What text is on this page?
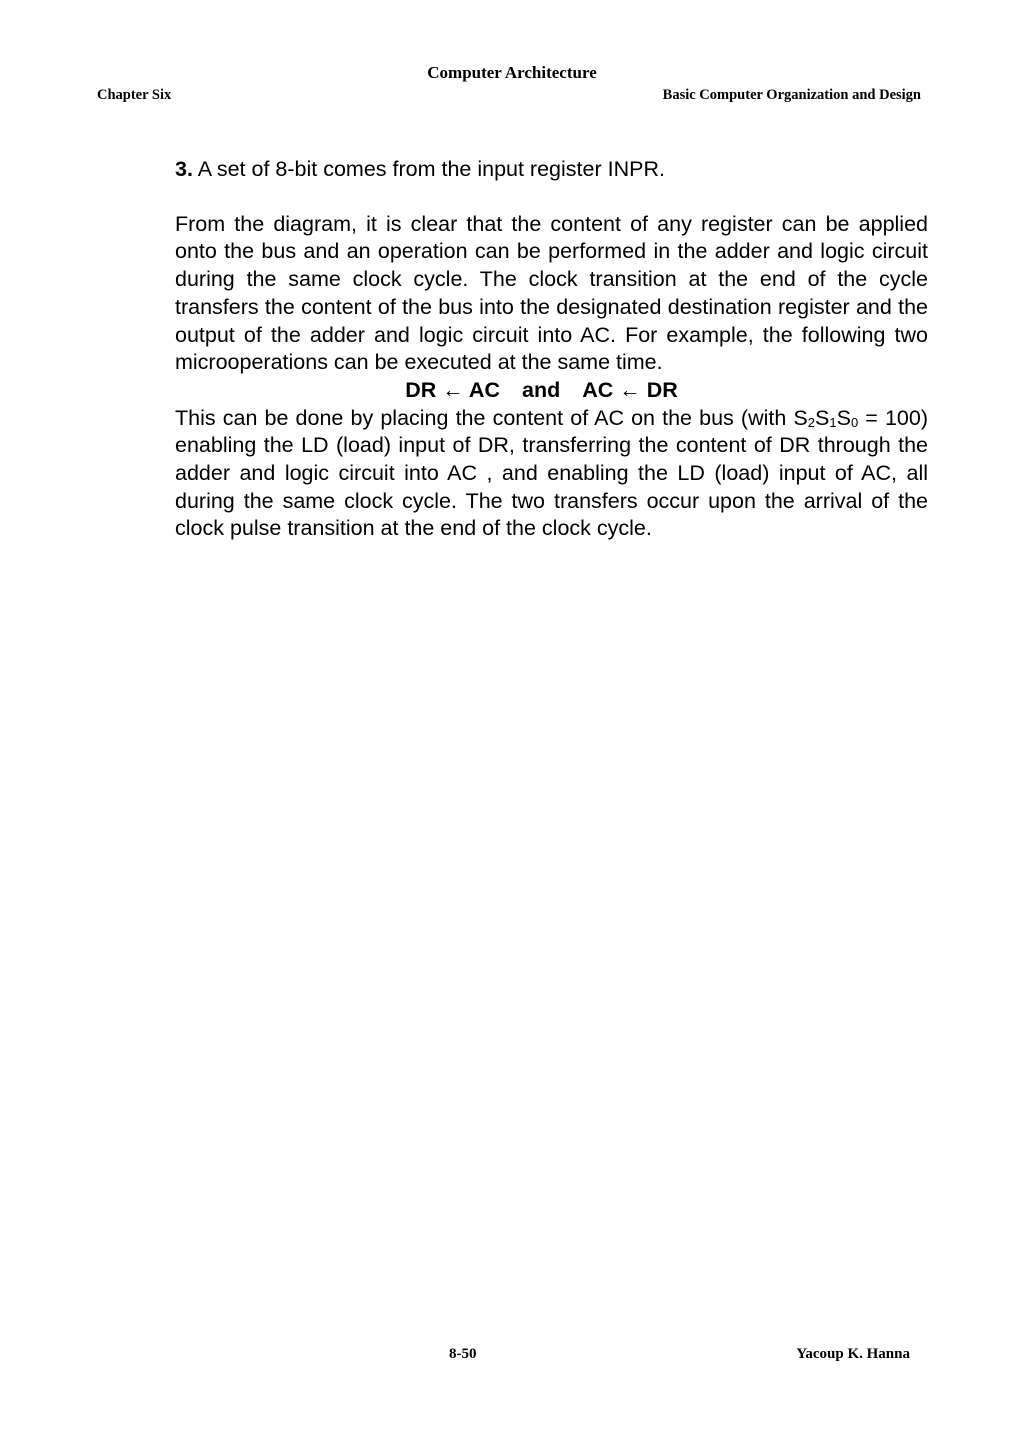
Computer Architecture
Chapter Six	Basic Computer Organization and Design

3. A set of 8-bit comes from the input register INPR.

From the diagram, it is clear that the content of any register can be applied onto the bus and an operation can be performed in the adder and logic circuit during the same clock cycle. The clock transition at the end of the cycle transfers the content of the bus into the designated destination register and the output of the adder and logic circuit into AC. For example, the following two microoperations can be executed at the same time.

DR ← AC and AC ← DR

This can be done by placing the content of AC on the bus (with $S_2S_1S_0 = 100$) enabling the LD (load) input of DR, transferring the content of DR through the adder and logic circuit into AC , and enabling the LD (load) input of AC, all during the same clock cycle. The two transfers occur upon the arrival of the clock pulse transition at the end of the clock cycle.

8-50	Yacoup K. Hanna
